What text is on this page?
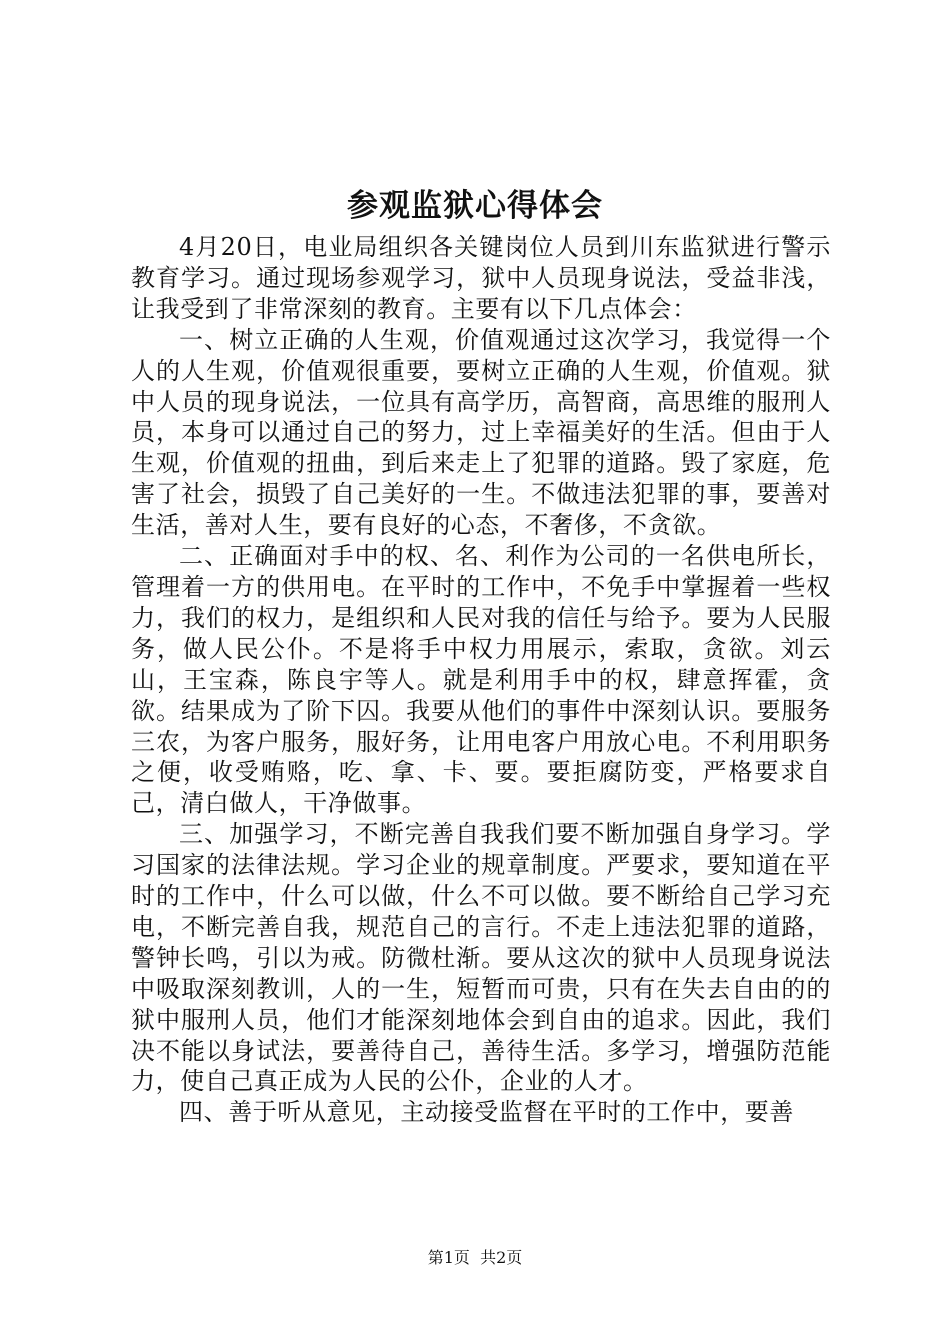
参观监狱心得体会

4月20日，电业局组织各关键岗位人员到川东监狱进行警示教育学习。通过现场参观学习，狱中人员现身说法，受益非浅，让我受到了非常深刻的教育。主要有以下几点体会：

一、树立正确的人生观，价值观通过这次学习，我觉得一个人的人生观，价值观很重要，要树立正确的人生观，价值观。狱中人员的现身说法，一位具有高学历，高智商，高思维的服刑人员，本身可以通过自己的努力，过上幸福美好的生活。但由于人生观，价值观的扭曲，到后来走上了犯罪的道路。毁了家庭，危害了社会，损毁了自己美好的一生。不做违法犯罪的事，要善对生活，善对人生，要有良好的心态，不奢侈，不贪欲。

二、正确面对手中的权、名、利作为公司的一名供电所长，管理着一方的供用电。在平时的工作中，不免手中掌握着一些权力，我们的权力，是组织和人民对我的信任与给予。要为人民服务，做人民公仆。不是将手中权力用展示，索取，贪欲。刘云山，王宝森，陈良宇等人。就是利用手中的权，肆意挥霍，贪欲。结果成为了阶下囚。我要从他们的事件中深刻认识。要服务三农，为客户服务，服好务，让用电客户用放心电。不利用职务之便，收受贿赂，吃、拿、卡、要。要拒腐防变，严格要求自己，清白做人，干净做事。

三、加强学习，不断完善自我我们要不断加强自身学习。学习国家的法律法规。学习企业的规章制度。严要求，要知道在平时的工作中，什么可以做，什么不可以做。要不断给自己学习充电，不断完善自我，规范自己的言行。不走上违法犯罪的道路，警钟长鸣，引以为戒。防微杜渐。要从这次的狱中人员现身说法中吸取深刻教训，人的一生，短暂而可贵，只有在失去自由的的狱中服刑人员，他们才能深刻地体会到自由的追求。因此，我们决不能以身试法，要善待自己，善待生活。多学习，增强防范能力，使自己真正成为人民的公仆，企业的人才。

四、善于听从意见，主动接受监督在平时的工作中，要善

第1页 共2页
